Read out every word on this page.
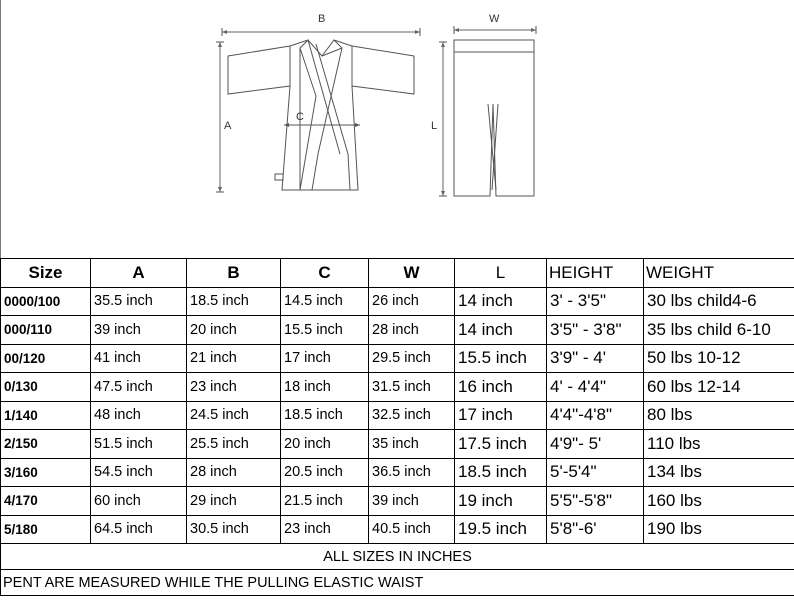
B
A
C
W
L
Size	A	B	C	W	L	HEIGHT	WEIGHT
0000/100	35.5 inch	18.5 inch	14.5 inch	26 inch	14 inch	3' - 3'5"	30 lbs child4-6
000/110	39 inch	20 inch	15.5 inch	28 inch	14 inch	3'5" - 3'8"	35 lbs child 6-10
00/120	41 inch	21 inch	17 inch	29.5 inch	15.5 inch	3'9" - 4'	50 lbs 10-12
0/130	47.5 inch	23 inch	18 inch	31.5 inch	16 inch	4' - 4'4"	60 lbs 12-14
1/140	48 inch	24.5 inch	18.5 inch	32.5 inch	17 inch	4'4"-4'8"	80 lbs
2/150	51.5 inch	25.5 inch	20 inch	35 inch	17.5 inch	4'9"- 5'	110 lbs
3/160	54.5 inch	28 inch	20.5 inch	36.5 inch	18.5 inch	5'-5'4"	134 lbs
4/170	60 inch	29 inch	21.5 inch	39 inch	19 inch	5'5"-5'8"	160 lbs
5/180	64.5 inch	30.5 inch	23 inch	40.5 inch	19.5 inch	5'8"-6'	190 lbs
ALL SIZES IN INCHES							
PENT ARE MEASURED WHILE THE PULLING ELASTIC WAIST							
